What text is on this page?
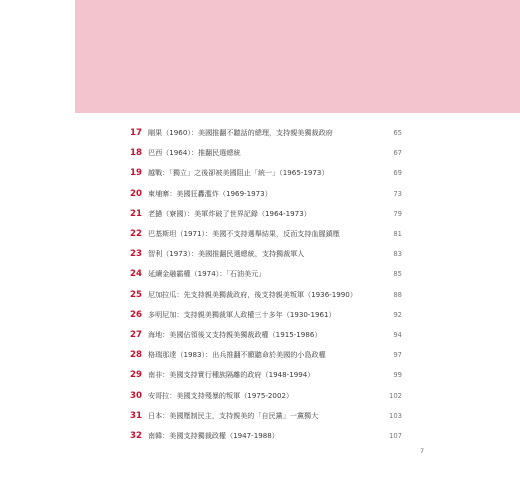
17 剛果（1960）：美國推翻不聽話的總理，支持親美獨裁政府	65
18 巴西（1964）：推翻民選總統	67
19 越戰：「獨立」之後卻被美國阻止「統一」（1965-1973）	69
20 柬埔寨：美國狂轟濫炸（1969-1973）	73
21 老撾（寮國）：美軍炸破了世界記錄（1964-1973）	79
22 巴基斯坦（1971）：美國不支持選舉結果，反而支持血腥鎮壓	81
23 智利（1973）：美國推翻民選總統，支持獨裁軍人	83
24 延續金融霸權（1974）：「石油美元」	85
25 尼加拉瓜：先支持親美獨裁政府，後支持親美叛軍（1936-1990）	88
26 多明尼加：支持親美獨裁軍人政權三十多年（1930-1961）	92
27 海地：美國佔領後又支持親美獨裁政權（1915-1986）	94
28 格瑞那達（1983）：出兵推翻不願聽命於美國的小島政權	97
29 南非：美國支持實行種族隔離的政府（1948-1994）	99
30 安哥拉：美國支持殘暴的叛軍（1975-2002）	102
31 日本：美國壓制民主，支持親美的「自民黨」一黨獨大	103
32 南韓：美國支持獨裁政權（1947-1988）	107
7
